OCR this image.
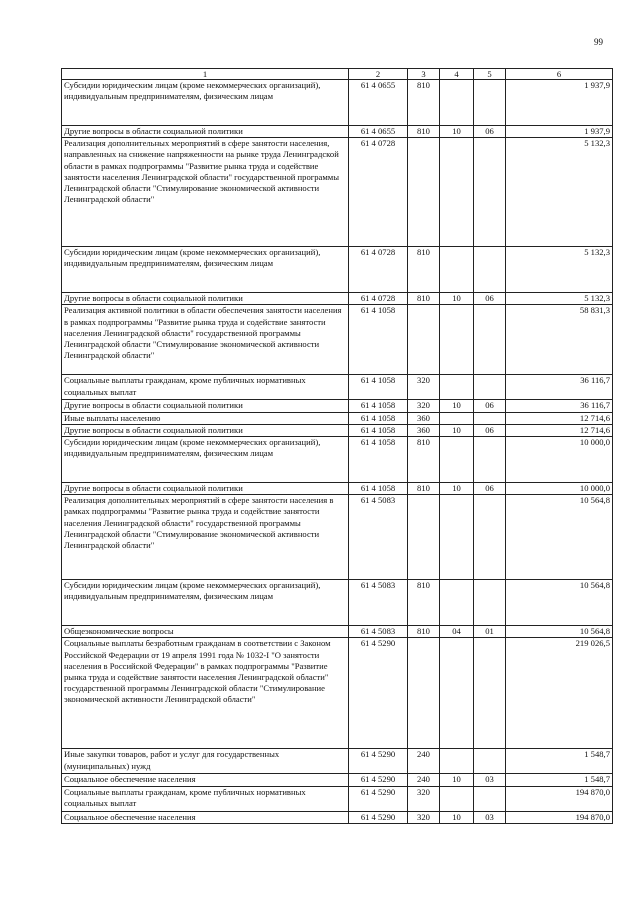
99
1	2	3	4	5	6
Субсидии юридическим лицам (кроме некоммерческих организаций), индивидуальным предпринимателям, физическим лицам	61 4 0655	810			1 937,9
Другие вопросы в области социальной политики	61 4 0655	810	10	06	1 937,9
Реализация дополнительных мероприятий в сфере занятости населения, направленных на снижение напряженности на рынке труда Ленинградской области в рамках подпрограммы "Развитие рынка труда и содействие занятости населения Ленинградской области" государственной программы Ленинградской области "Стимулирование экономической активности Ленинградской области"	61 4 0728				5 132,3
Субсидии юридическим лицам (кроме некоммерческих организаций), индивидуальным предпринимателям, физическим лицам	61 4 0728	810			5 132,3
Другие вопросы в области социальной политики	61 4 0728	810	10	06	5 132,3
Реализация активной политики в области обеспечения занятости населения в рамках подпрограммы "Развитие рынка труда и содействие занятости населения Ленинградской области" государственной программы Ленинградской области "Стимулирование экономической активности Ленинградской области"	61 4 1058				58 831,3
Социальные выплаты гражданам, кроме публичных нормативных социальных выплат	61 4 1058	320			36 116,7
Другие вопросы в области социальной политики	61 4 1058	320	10	06	36 116,7
Иные выплаты населению	61 4 1058	360			12 714,6
Другие вопросы в области социальной политики	61 4 1058	360	10	06	12 714,6
Субсидии юридическим лицам (кроме некоммерческих организаций), индивидуальным предпринимателям, физическим лицам	61 4 1058	810			10 000,0
Другие вопросы в области социальной политики	61 4 1058	810	10	06	10 000,0
Реализация дополнительных мероприятий в сфере занятости населения в рамках подпрограммы "Развитие рынка труда и содействие занятости населения Ленинградской области" государственной программы Ленинградской области "Стимулирование экономической активности Ленинградской области"	61 4 5083				10 564,8
Субсидии юридическим лицам (кроме некоммерческих организаций), индивидуальным предпринимателям, физическим лицам	61 4 5083	810			10 564,8
Общеэкономические вопросы	61 4 5083	810	04	01	10 564,8
Социальные выплаты безработным гражданам в соответствии с Законом Российской Федерации от 19 апреля 1991 года № 1032-I "О занятости населения в Российской Федерации" в рамках подпрограммы "Развитие рынка труда и содействие занятости населения Ленинградской области" государственной программы Ленинградской области "Стимулирование экономической активности Ленинградской области"	61 4 5290				219 026,5
Иные закупки товаров, работ и услуг для государственных (муниципальных) нужд	61 4 5290	240			1 548,7
Социальное обеспечение населения	61 4 5290	240	10	03	1 548,7
Социальные выплаты гражданам, кроме публичных нормативных социальных выплат	61 4 5290	320			194 870,0
Социальное обеспечение населения	61 4 5290	320	10	03	194 870,0
